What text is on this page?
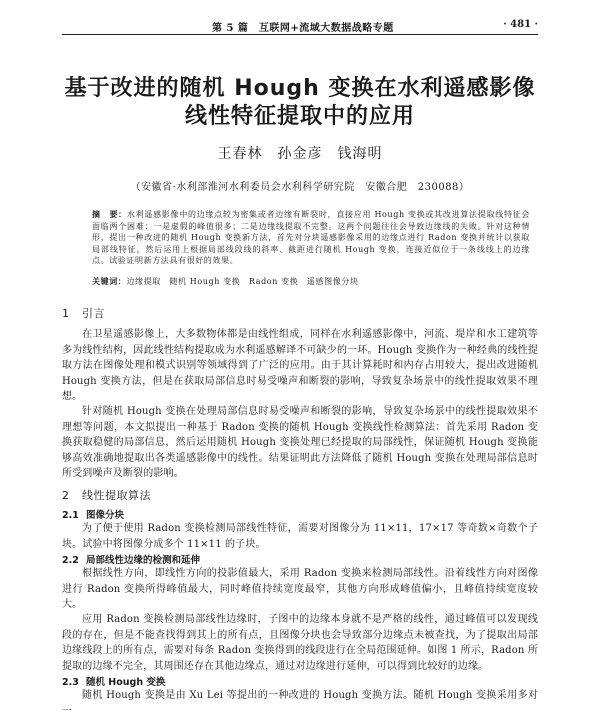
第 5 篇　互联网+流域大数据战略专题	· 481 ·
基于改进的随机 Hough 变换在水利遥感影像
线性特征提取中的应用
王春林　孙金彦　钱海明
（安徽省·水利部淮河水利委员会水利科学研究院　安徽合肥　230088）
摘　要：水利遥感影像中的边缘点较为密集或者边缘有断裂时，直接应用 Hough 变换或其改进算法提取线特征会面临两个困难：一是虚假的峰值很多；二是边缘线提取不完整。这两个问题往往会导致边缘线的失败。针对这种情形，提出一种改进的随机 Hough 变换新方法，首先对分块遥感影像采用的边缘点进行 Radon 变换并统计以获取局部线特征，然后运用上根据局部线段线的斜率、截距进行随机 Hough 变换，连接近似位于一条线线上的边缘点。试验证明新方法具有很好的效果。
关键词：边缘提取　随机 Hough 变换　Radon 变换　遥感图像分块
1 引言
在卫星遥感影像上，大多数物体都是由线性组成，同样在水利遥感影像中，河流、堤岸和水工建筑等多为线性结构，因此线性结构提取成为水利遥感解译不可缺少的一环。Hough 变换作为一种经典的线性提取方法在图像处理和模式识别等领域得到了广泛的应用。由于其计算耗时和内存占用较大，提出改进随机 Hough 变换方法，但是在获取局部信息时易受噪声和断裂的影响，导致复杂场景中的线性提取效果不理想。
针对随机 Hough 变换在处理局部信息时易受噪声和断裂的影响，导致复杂场景中的线性提取效果不理想等问题，本文拟提出一种基于 Radon 变换的随机 Hough 变换线性检测算法：首先采用 Radon 变换获取稳健的局部信息，然后运用随机 Hough 变换处理已经提取的局部线性，保证随机 Hough 变换能够高效准确地提取出各类遥感影像中的线性。结果证明此方法降低了随机 Hough 变换在处理局部信息时所受到噪声及断裂的影响。
2 线性提取算法
2.1 图像分块
为了便于使用 Radon 变换检测局部线性特征，需要对图像分为 11×11，17×17 等奇数×奇数个子块。试验中将图像分成多个 11×11 的子块。
2.2 局部线性边缘的检测和延伸
根据线性方向，即线性方向的投影值最大，采用 Radon 变换来检测局部线性。沿着线性方向对图像进行 Radon 变换所得峰值最大，同时峰值持续宽度最窄，其他方向形成峰值偏小，且峰值持续宽度较大。
应用 Radon 变换检测局部线性边缘时，子图中的边缘本身就不是严格的线性，通过峰值可以发现线段的存在，但是不能查找得到其上的所有点，且图像分块也会导致部分边缘点未被查找，为了提取出局部边缘线段上的所有点，需要对每条 Radon 变换得到的线段进行在全局范围延伸。如图 1 所示，Radon 所提取的边缘不完全，其周围还存在其他边缘点，通过对边缘进行延伸，可以得到比较好的边缘。
2.3 随机 Hough 变换
随机 Hough 变换是由 Xu Lei 等提出的一种改进的 Hough 变换方法。随机 Hough 变换采用多对一
